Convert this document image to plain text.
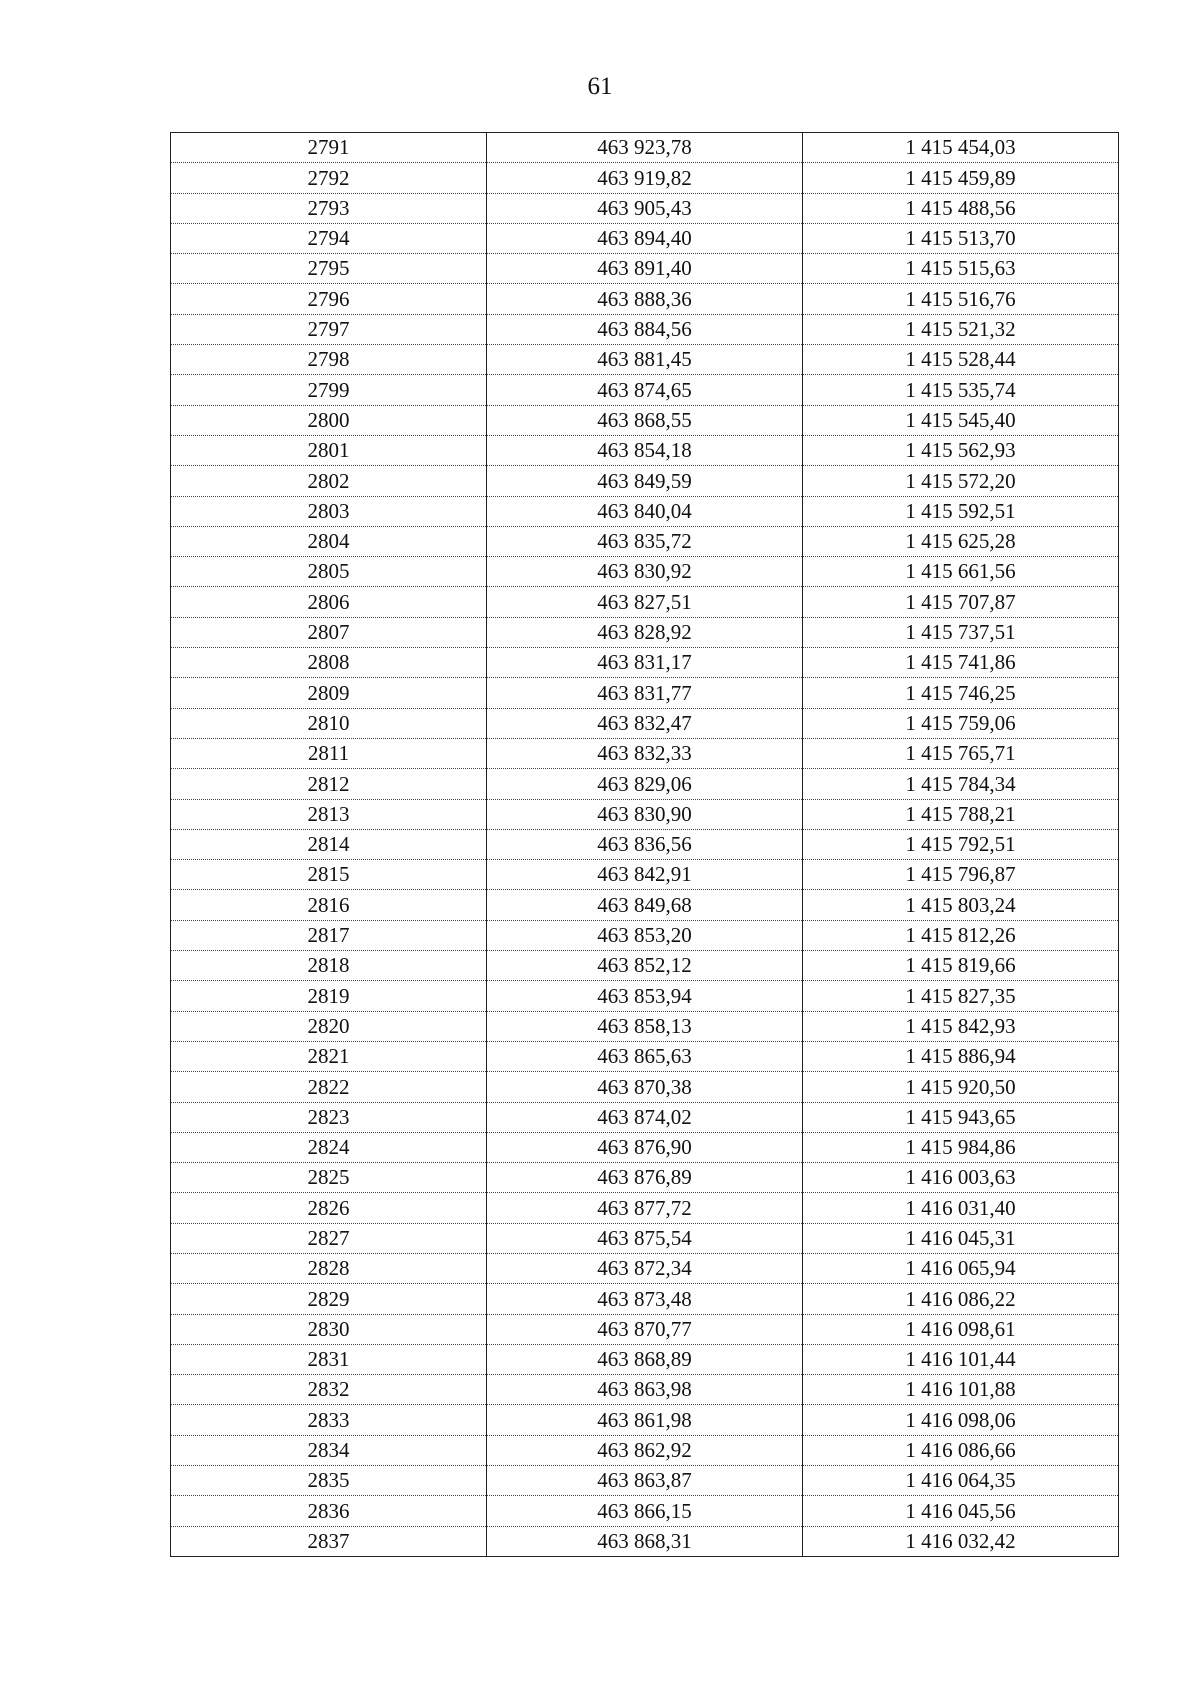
61
2791	463 923,78	1 415 454,03
2792	463 919,82	1 415 459,89
2793	463 905,43	1 415 488,56
2794	463 894,40	1 415 513,70
2795	463 891,40	1 415 515,63
2796	463 888,36	1 415 516,76
2797	463 884,56	1 415 521,32
2798	463 881,45	1 415 528,44
2799	463 874,65	1 415 535,74
2800	463 868,55	1 415 545,40
2801	463 854,18	1 415 562,93
2802	463 849,59	1 415 572,20
2803	463 840,04	1 415 592,51
2804	463 835,72	1 415 625,28
2805	463 830,92	1 415 661,56
2806	463 827,51	1 415 707,87
2807	463 828,92	1 415 737,51
2808	463 831,17	1 415 741,86
2809	463 831,77	1 415 746,25
2810	463 832,47	1 415 759,06
2811	463 832,33	1 415 765,71
2812	463 829,06	1 415 784,34
2813	463 830,90	1 415 788,21
2814	463 836,56	1 415 792,51
2815	463 842,91	1 415 796,87
2816	463 849,68	1 415 803,24
2817	463 853,20	1 415 812,26
2818	463 852,12	1 415 819,66
2819	463 853,94	1 415 827,35
2820	463 858,13	1 415 842,93
2821	463 865,63	1 415 886,94
2822	463 870,38	1 415 920,50
2823	463 874,02	1 415 943,65
2824	463 876,90	1 415 984,86
2825	463 876,89	1 416 003,63
2826	463 877,72	1 416 031,40
2827	463 875,54	1 416 045,31
2828	463 872,34	1 416 065,94
2829	463 873,48	1 416 086,22
2830	463 870,77	1 416 098,61
2831	463 868,89	1 416 101,44
2832	463 863,98	1 416 101,88
2833	463 861,98	1 416 098,06
2834	463 862,92	1 416 086,66
2835	463 863,87	1 416 064,35
2836	463 866,15	1 416 045,56
2837	463 868,31	1 416 032,42
